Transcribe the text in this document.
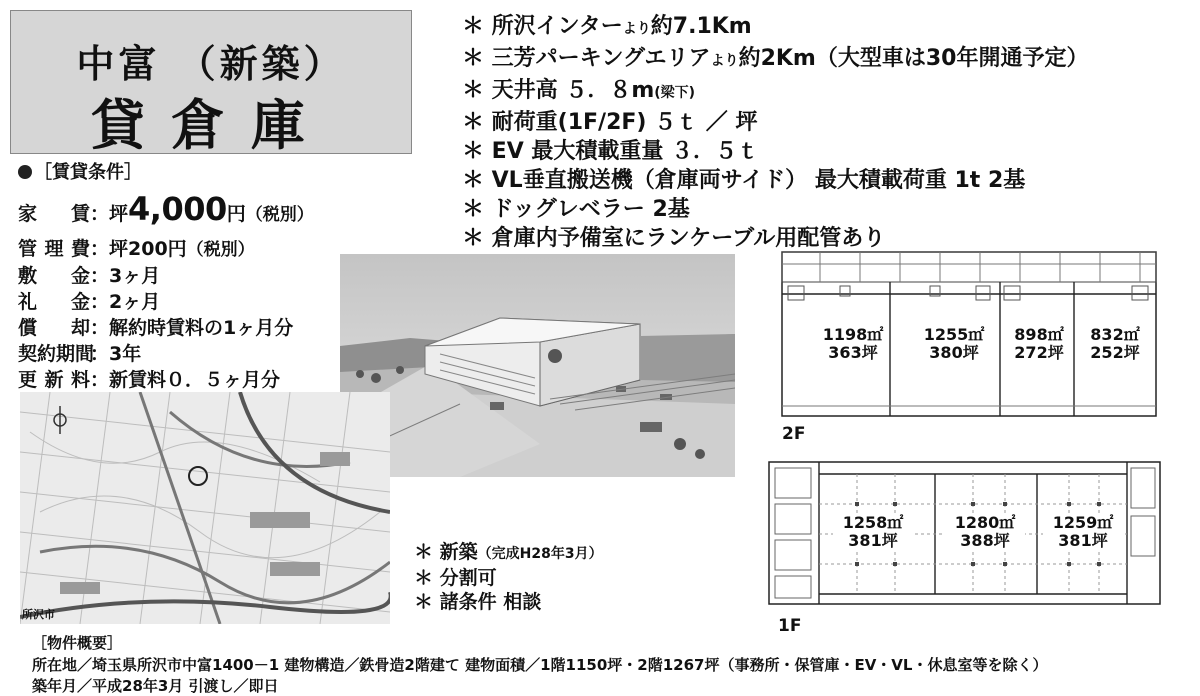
中富 （新築）
貸倉庫
＊ 所沢インターより約7.1Km
＊ 三芳パーキングエリアより約2Km（大型車は30年開通予定）
＊ 天井高 ５．８m(梁下)
＊ 耐荷重(1F/2F) ５ｔ ／ 坪
＊ EV 最大積載重量 ３．５ｔ
＊ VL垂直搬送機（倉庫両サイド） 最大積載荷重 1t 2基
＊ ドッグレベラー 2基
＊ 倉庫内予備室にランケーブル用配管あり
［賃貸条件］
家 賃：坪4,000円（税別）
管理費：坪200円（税別）
敷 金：3ヶ月
礼 金：2ヶ月
償 却：解約時賃料の1ヶ月分
契約期間：3年
更新料：新賃料０．５ヶ月分
所沢市
＊ 新築（完成H28年3月）
＊ 分割可
＊ 諸条件 相談
1198㎡
363坪
1255㎡
380坪
898㎡
272坪
832㎡
252坪
2F
1258㎡
381坪
1280㎡
388坪
1259㎡
381坪
1F
［物件概要］
所在地／埼玉県所沢市中富1400－1 建物構造／鉄骨造2階建て 建物面積／1階1150坪・2階1267坪（事務所・保管庫・EV・VL・休息室等を除く）
築年月／平成28年3月 引渡し／即日
